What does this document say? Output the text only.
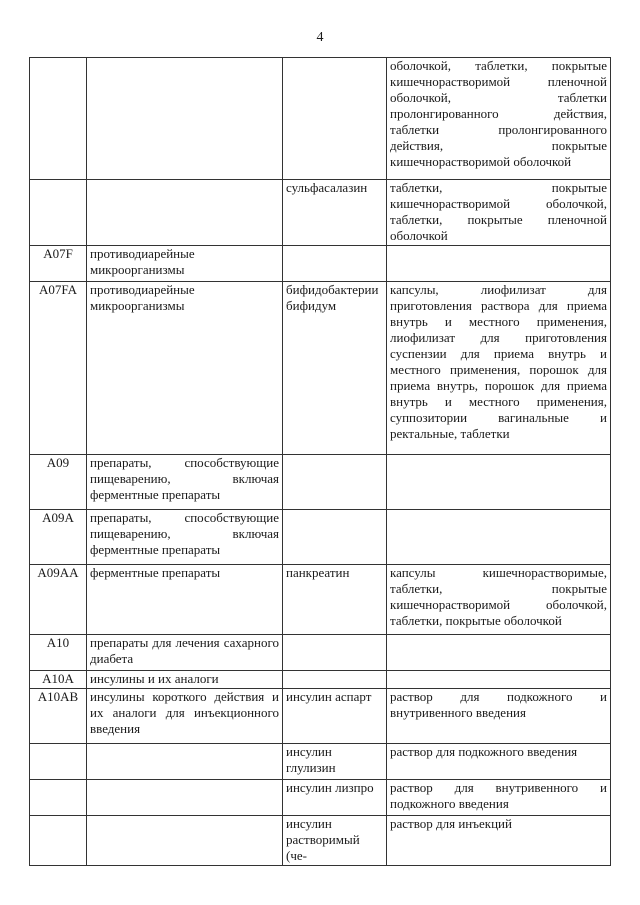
4
			оболочкой, таблетки, покрытые кишечнорастворимой пленочной оболочкой, таблетки пролонгированного действия, таблетки пролонгированного действия, покрытые кишечнорастворимой оболочкой
		сульфасалазин	таблетки, покрытые кишечнорастворимой оболочкой, таблетки, покрытые пленочной оболочкой
A07F	противодиарейные микроорганизмы		
A07FA	противодиарейные микроорганизмы	бифидобактерии бифидум	капсулы, лиофилизат для приготовления раствора для приема внутрь и местного применения, лиофилизат для приготовления суспензии для приема внутрь и местного применения, порошок для приема внутрь, порошок для приема внутрь и местного применения, суппозитории вагинальные и ректальные, таблетки
A09	препараты, способствующие пищеварению, включая ферментные препараты		
A09A	препараты, способствующие пищеварению, включая ферментные препараты		
A09AA	ферментные препараты	панкреатин	капсулы кишечнорастворимые, таблетки, покрытые кишечнорастворимой оболочкой, таблетки, покрытые оболочкой
A10	препараты для лечения сахарного диабета		
A10A	инсулины и их аналоги		
A10AB	инсулины короткого действия и их аналоги для инъекционного введения	инсулин аспарт	раствор для подкожного и внутривенного введения
		инсулин глулизин	раствор для подкожного введения
		инсулин лизпро	раствор для внутривенного и подкожного введения
		инсулин растворимый (че-	раствор для инъекций
